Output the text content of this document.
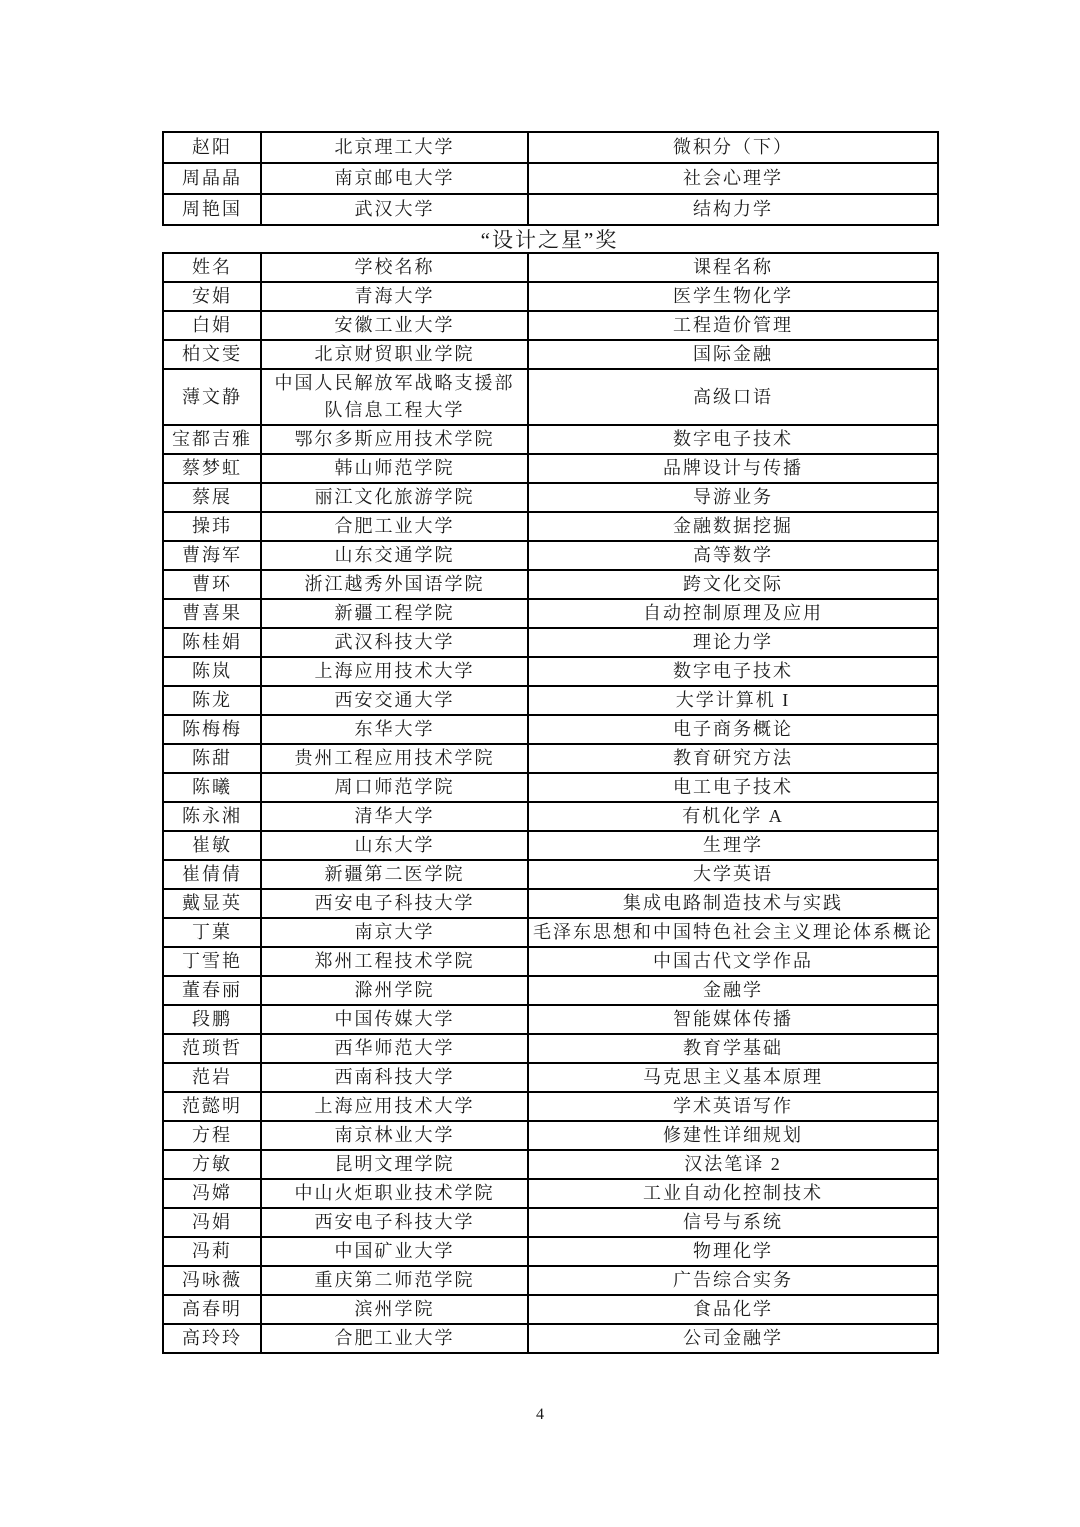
赵阳	北京理工大学	微积分（下）
周晶晶	南京邮电大学	社会心理学
周艳国	武汉大学	结构力学
“设计之星”奖
姓名	学校名称	课程名称
安娟	青海大学	医学生物化学
白娟	安徽工业大学	工程造价管理
柏文雯	北京财贸职业学院	国际金融
薄文静	中国人民解放军战略支援部队信息工程大学	高级口语
宝都吉雅	鄂尔多斯应用技术学院	数字电子技术
蔡梦虹	韩山师范学院	品牌设计与传播
蔡展	丽江文化旅游学院	导游业务
操玮	合肥工业大学	金融数据挖掘
曹海军	山东交通学院	高等数学
曹环	浙江越秀外国语学院	跨文化交际
曹喜果	新疆工程学院	自动控制原理及应用
陈桂娟	武汉科技大学	理论力学
陈岚	上海应用技术大学	数字电子技术
陈龙	西安交通大学	大学计算机 I
陈梅梅	东华大学	电子商务概论
陈甜	贵州工程应用技术学院	教育研究方法
陈曦	周口师范学院	电工电子技术
陈永湘	清华大学	有机化学 A
崔敏	山东大学	生理学
崔倩倩	新疆第二医学院	大学英语
戴显英	西安电子科技大学	集成电路制造技术与实践
丁菓	南京大学	毛泽东思想和中国特色社会主义理论体系概论
丁雪艳	郑州工程技术学院	中国古代文学作品
董春丽	滁州学院	金融学
段鹏	中国传媒大学	智能媒体传播
范琐哲	西华师范大学	教育学基础
范岩	西南科技大学	马克思主义基本原理
范懿明	上海应用技术大学	学术英语写作
方程	南京林业大学	修建性详细规划
方敏	昆明文理学院	汉法笔译 2
冯嫦	中山火炬职业技术学院	工业自动化控制技术
冯娟	西安电子科技大学	信号与系统
冯莉	中国矿业大学	物理化学
冯咏薇	重庆第二师范学院	广告综合实务
高春明	滨州学院	食品化学
高玲玲	合肥工业大学	公司金融学
4
